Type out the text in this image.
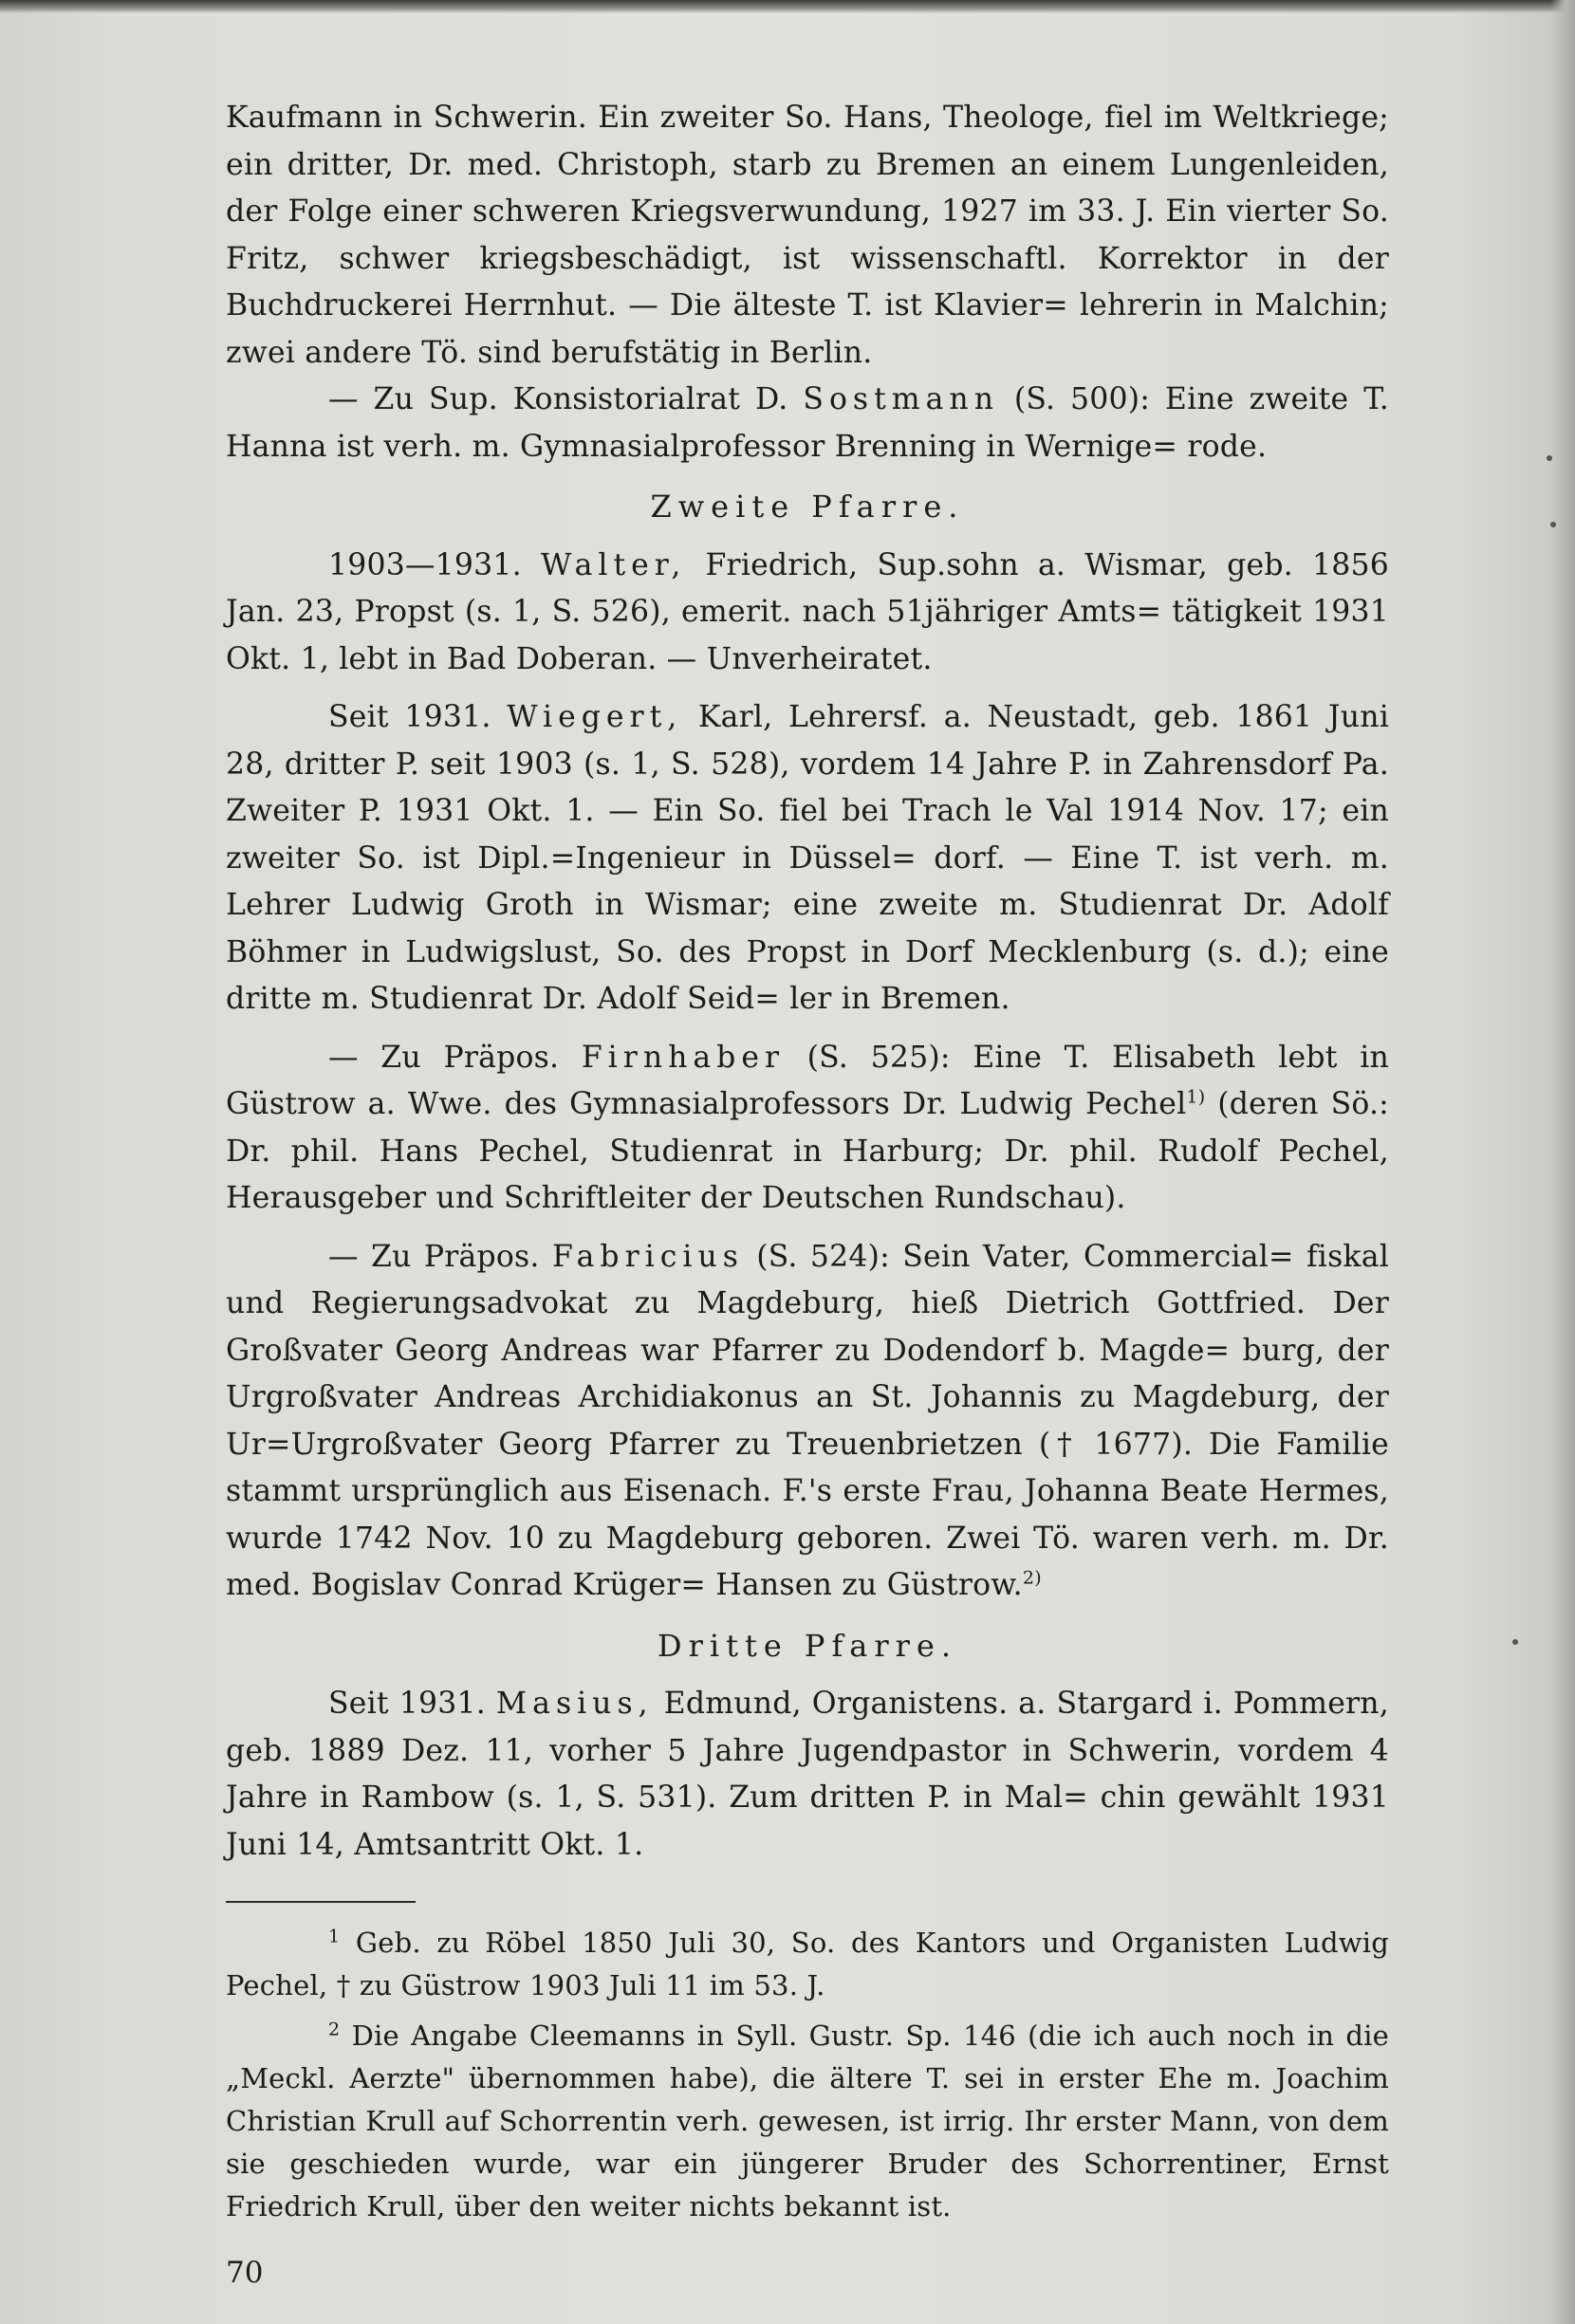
Kaufmann in Schwerin. Ein zweiter So. Hans, Theologe, fiel im Weltkriege; ein dritter, Dr. med. Christoph, starb zu Bremen an einem Lungenleiden, der Folge einer schweren Kriegsverwundung, 1927 im 33. J. Ein vierter So. Fritz, schwer kriegsbeschädigt, ist wissenschaftl. Korrektor in der Buchdruckerei Herrnhut. — Die älteste T. ist Klavier= lehrerin in Malchin; zwei andere Tö. sind berufstätig in Berlin.

— Zu Sup. Konsistorialrat D. Sostmann (S. 500): Eine zweite T. Hanna ist verh. m. Gymnasialprofessor Brenning in Wernige= rode.

Zweite Pfarre.

1903—1931. Walter, Friedrich, Sup.sohn a. Wismar, geb. 1856 Jan. 23, Propst (s. 1, S. 526), emerit. nach 51jähriger Amts= tätigkeit 1931 Okt. 1, lebt in Bad Doberan. — Unverheiratet.

Seit 1931. Wiegert, Karl, Lehrersf. a. Neustadt, geb. 1861 Juni 28, dritter P. seit 1903 (s. 1, S. 528), vordem 14 Jahre P. in Zahrensdorf Pa. Zweiter P. 1931 Okt. 1. — Ein So. fiel bei Trach le Val 1914 Nov. 17; ein zweiter So. ist Dipl.=Ingenieur in Düssel= dorf. — Eine T. ist verh. m. Lehrer Ludwig Groth in Wismar; eine zweite m. Studienrat Dr. Adolf Böhmer in Ludwigslust, So. des Propst in Dorf Mecklenburg (s. d.); eine dritte m. Studienrat Dr. Adolf Seid= ler in Bremen.

— Zu Präpos. Firnhaber (S. 525): Eine T. Elisabeth lebt in Güstrow a. Wwe. des Gymnasialprofessors Dr. Ludwig Pechel$^{1)}$ (deren Sö.: Dr. phil. Hans Pechel, Studienrat in Harburg; Dr. phil. Rudolf Pechel, Herausgeber und Schriftleiter der Deutschen Rundschau).

— Zu Präpos. Fabricius (S. 524): Sein Vater, Commercial= fiskal und Regierungsadvokat zu Magdeburg, hieß Dietrich Gottfried. Der Großvater Georg Andreas war Pfarrer zu Dodendorf b. Magde= burg, der Urgroßvater Andreas Archidiakonus an St. Johannis zu Magdeburg, der Ur=Urgroßvater Georg Pfarrer zu Treuenbrietzen († 1677). Die Familie stammt ursprünglich aus Eisenach. F.'s erste Frau, Johanna Beate Hermes, wurde 1742 Nov. 10 zu Magdeburg geboren. Zwei Tö. waren verh. m. Dr. med. Bogislav Conrad Krüger= Hansen zu Güstrow.$^{2)}$

Dritte Pfarre.

Seit 1931. Masius, Edmund, Organistens. a. Stargard i. Pommern, geb. 1889 Dez. 11, vorher 5 Jahre Jugendpastor in Schwerin, vordem 4 Jahre in Rambow (s. 1, S. 531). Zum dritten P. in Mal= chin gewählt 1931 Juni 14, Amtsantritt Okt. 1.

$^1$ Geb. zu Röbel 1850 Juli 30, So. des Kantors und Organisten Ludwig Pechel, † zu Güstrow 1903 Juli 11 im 53. J.

$^2$ Die Angabe Cleemanns in Syll. Gustr. Sp. 146 (die ich auch noch in die „Meckl. Aerzte" übernommen habe), die ältere T. sei in erster Ehe m. Joachim Christian Krull auf Schorrentin verh. gewesen, ist irrig. Ihr erster Mann, von dem sie geschieden wurde, war ein jüngerer Bruder des Schorrentiner, Ernst Friedrich Krull, über den weiter nichts bekannt ist.

70
